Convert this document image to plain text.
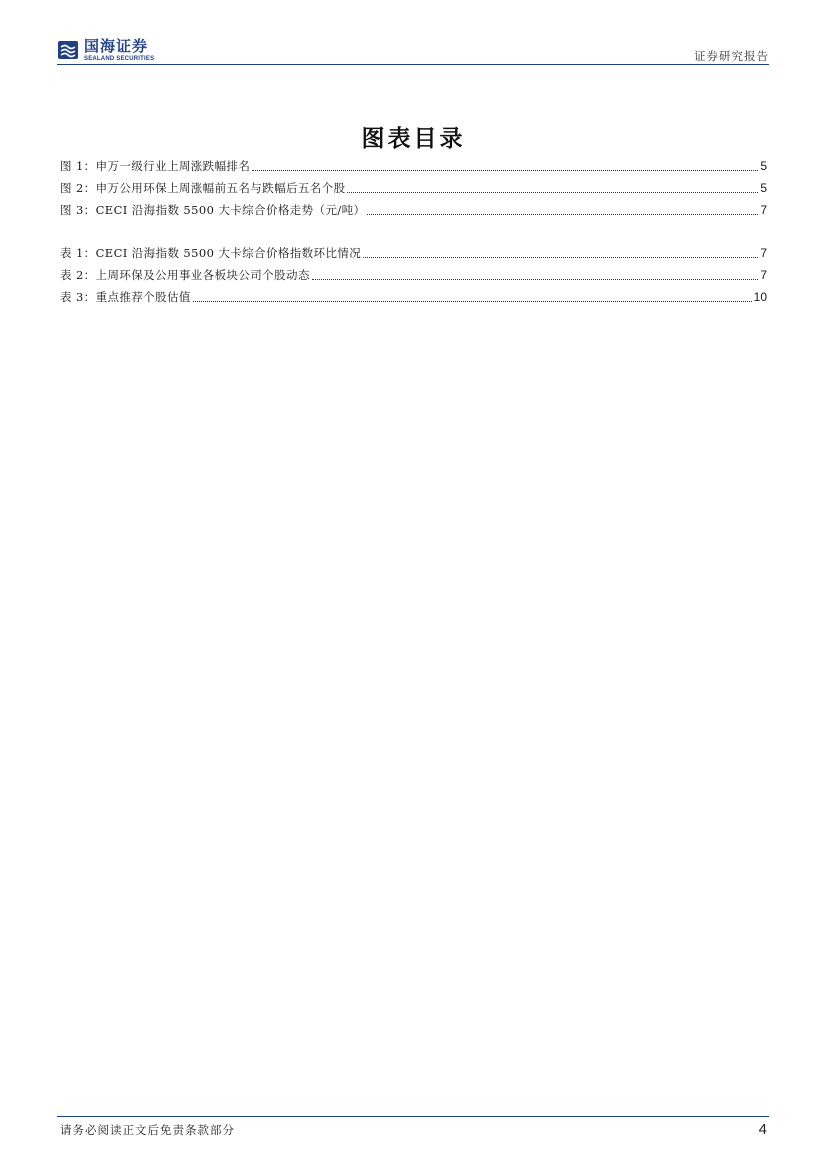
国海证券
SEALAND SECURITIES	证券研究报告
图表目录
图 1：申万一级行业上周涨跌幅排名	5
图 2：申万公用环保上周涨幅前五名与跌幅后五名个股	5
图 3：CECI 沿海指数 5500 大卡综合价格走势（元/吨）	7
表 1：CECI 沿海指数 5500 大卡综合价格指数环比情况	7
表 2：上周环保及公用事业各板块公司个股动态	7
表 3：重点推荐个股估值	10
请务必阅读正文后免责条款部分	4
